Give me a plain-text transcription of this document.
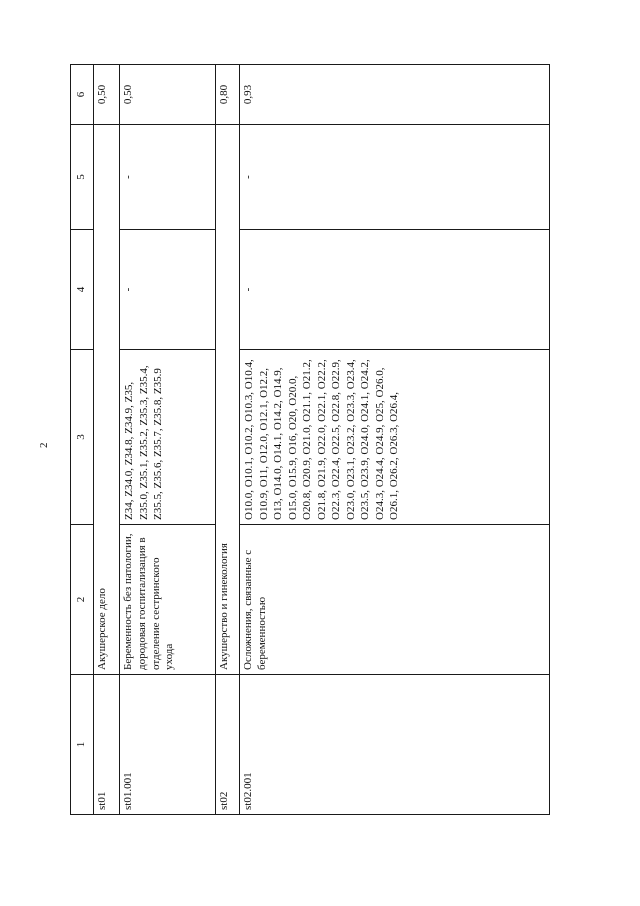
2
1	2	3	4	5	6
st01	Акушерское дело				0,50
st01.001	Беременность без патологии, дородовая госпитализация в отделение сестринского ухода	Z34, Z34.0, Z34.8, Z34.9, Z35, Z35.0, Z35.1, Z35.2, Z35.3, Z35.4, Z35.5, Z35.6, Z35.7, Z35.8, Z35.9	-	-	0,50
st02	Акушерство и гинекология				0,80
st02.001	Осложнения, связанные с беременностью	O10.0, O10.1, O10.2, O10.3, O10.4, O10.9, O11, O12.0, O12.1, O12.2, O13, O14.0, O14.1, O14.2, O14.9, O15.0, O15.9, O16, O20, O20.0, O20.8, O20.9, O21.0, O21.1, O21.2, O21.8, O21.9, O22.0, O22.1, O22.2, O22.3, O22.4, O22.5, O22.8, O22.9, O23.0, O23.1, O23.2, O23.3, O23.4, O23.5, O23.9, O24.0, O24.1, O24.2, O24.3, O24.4, O24.9, O25, O26.0, O26.1, O26.2, O26.3, O26.4,	-	-	0,93
